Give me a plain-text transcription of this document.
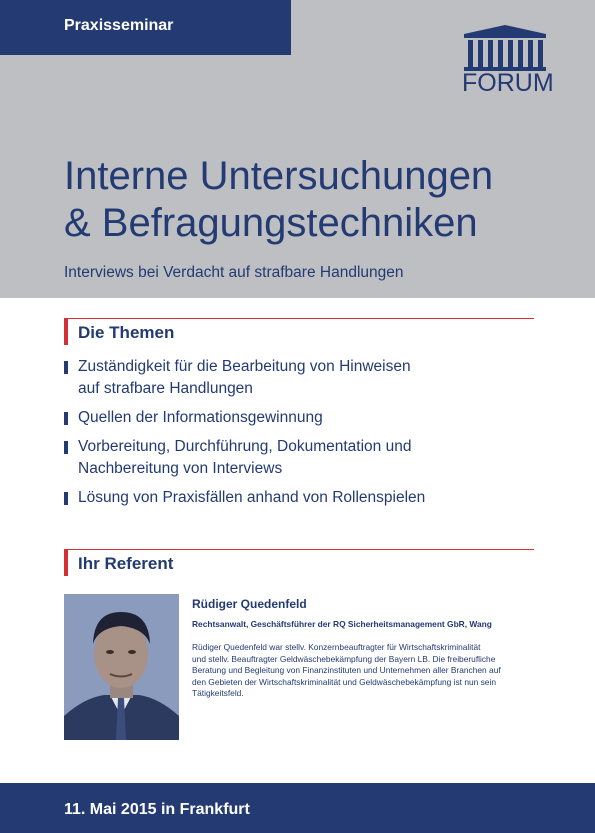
Praxisseminar
FORUM
Interne Untersuchungen
& Befragungstechniken
Interviews bei Verdacht auf strafbare Handlungen
Die Themen
Zuständigkeit für die Bearbeitung von Hinweisen
auf strafbare Handlungen
Quellen der Informationsgewinnung
Vorbereitung, Durchführung, Dokumentation und
Nachbereitung von Interviews
Lösung von Praxisfällen anhand von Rollenspielen
Ihr Referent
Rüdiger Quedenfeld
Rechtsanwalt, Geschäftsführer der RQ Sicherheitsmanagement GbR, Wang
Rüdiger Quedenfeld war stellv. Konzernbeauftragter für Wirtschaftskriminalität
und stellv. Beauftragter Geldwäschebekämpfung der Bayern LB. Die freiberufliche
Beratung und Begleitung von Finanzinstituten und Unternehmen aller Branchen auf
den Gebieten der Wirtschaftskriminalität und Geldwäschebekämpfung ist nun sein
Tätigkeitsfeld.
11. Mai 2015 in Frankfurt
